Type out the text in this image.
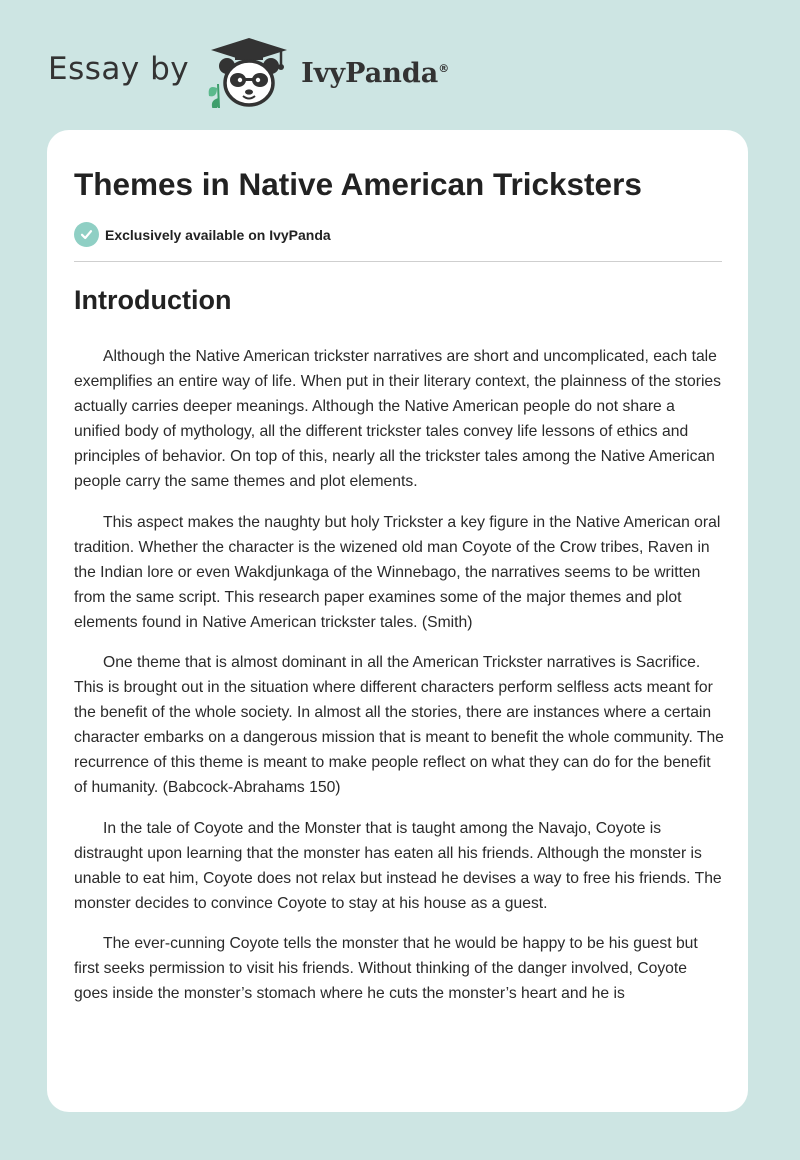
Essay by	IvyPanda®
Themes in Native American Tricksters
Exclusively available on IvyPanda
Introduction

Although the Native American trickster narratives are short and uncomplicated, each tale exemplifies an entire way of life. When put in their literary context, the plainness of the stories actually carries deeper meanings. Although the Native American people do not share a unified body of mythology, all the different trickster tales convey life lessons of ethics and principles of behavior. On top of this, nearly all the trickster tales among the Native American people carry the same themes and plot elements.

This aspect makes the naughty but holy Trickster a key figure in the Native American oral tradition. Whether the character is the wizened old man Coyote of the Crow tribes, Raven in the Indian lore or even Wakdjunkaga of the Winnebago, the narratives seems to be written from the same script. This research paper examines some of the major themes and plot elements found in Native American trickster tales. (Smith)

One theme that is almost dominant in all the American Trickster narratives is Sacrifice. This is brought out in the situation where different characters perform selfless acts meant for the benefit of the whole society. In almost all the stories, there are instances where a certain character embarks on a dangerous mission that is meant to benefit the whole community. The recurrence of this theme is meant to make people reflect on what they can do for the benefit of humanity. (Babcock-Abrahams 150)

In the tale of Coyote and the Monster that is taught among the Navajo, Coyote is distraught upon learning that the monster has eaten all his friends. Although the monster is unable to eat him, Coyote does not relax but instead he devises a way to free his friends. The monster decides to convince Coyote to stay at his house as a guest.

The ever-cunning Coyote tells the monster that he would be happy to be his guest but first seeks permission to visit his friends. Without thinking of the danger involved, Coyote goes inside the monster’s stomach where he cuts the monster’s heart and he is
